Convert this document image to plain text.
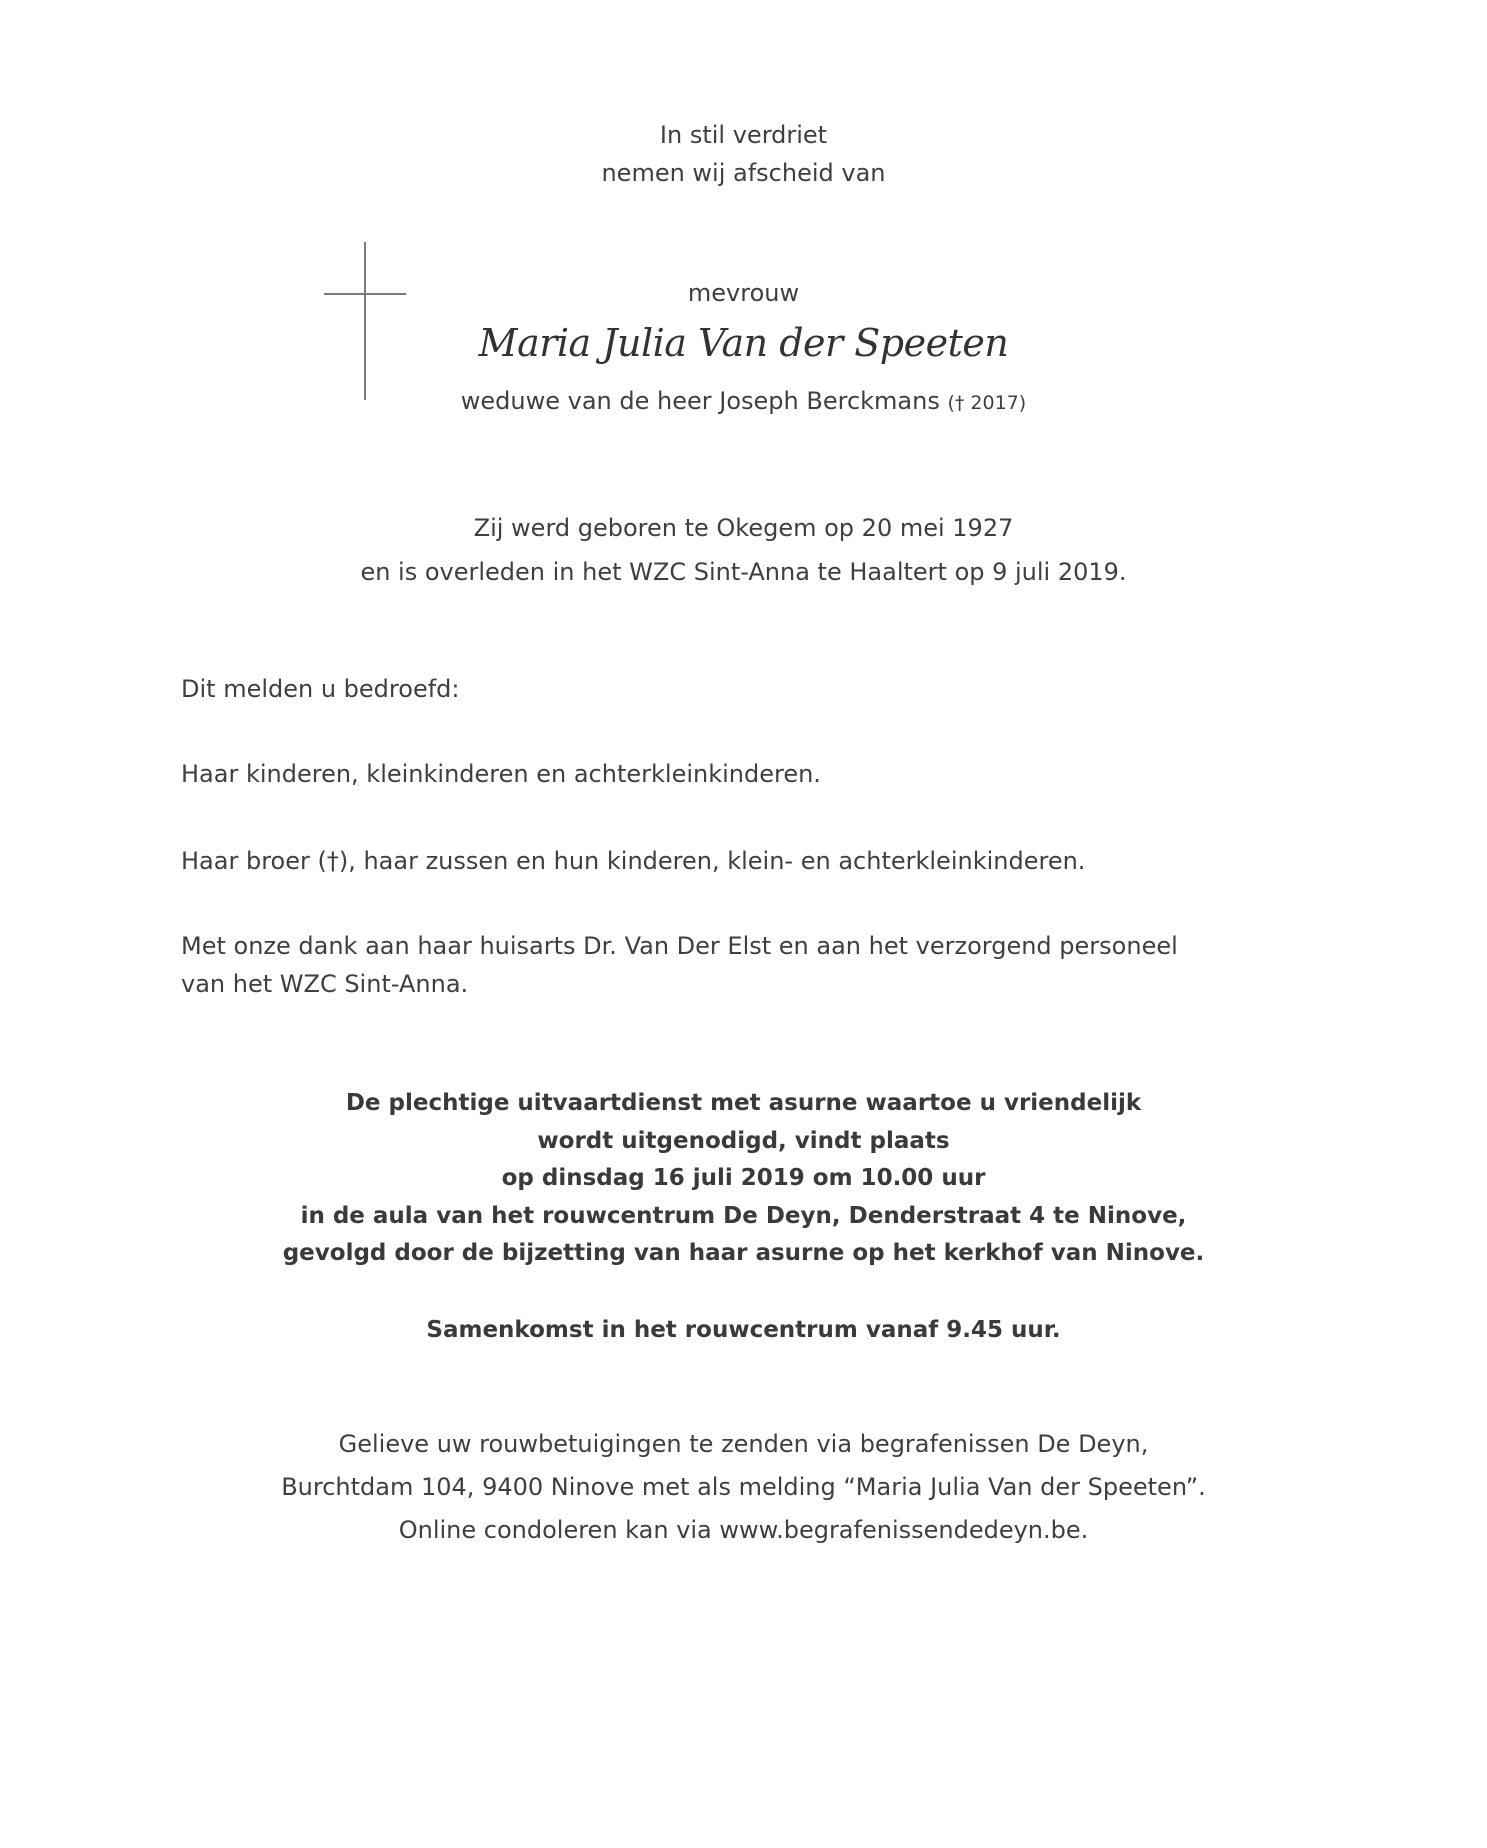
In stil verdriet
nemen wij afscheid van
mevrouw
Maria Julia Van der Speeten
weduwe van de heer Joseph Berckmans († 2017)
Zij werd geboren te Okegem op 20 mei 1927
en is overleden in het WZC Sint-Anna te Haaltert op 9 juli 2019.
Dit melden u bedroefd:
Haar kinderen, kleinkinderen en achterkleinkinderen.
Haar broer (†), haar zussen en hun kinderen, klein- en achterkleinkinderen.
Met onze dank aan haar huisarts Dr. Van Der Elst en aan het verzorgend personeel
van het WZC Sint-Anna.
De plechtige uitvaartdienst met asurne waartoe u vriendelijk
wordt uitgenodigd, vindt plaats
op dinsdag 16 juli 2019 om 10.00 uur
in de aula van het rouwcentrum De Deyn, Denderstraat 4 te Ninove,
gevolgd door de bijzetting van haar asurne op het kerkhof van Ninove.
Samenkomst in het rouwcentrum vanaf 9.45 uur.
Gelieve uw rouwbetuigingen te zenden via begrafenissen De Deyn,
Burchtdam 104, 9400 Ninove met als melding “Maria Julia Van der Speeten”.
Online condoleren kan via www.begrafenissendedeyn.be.
